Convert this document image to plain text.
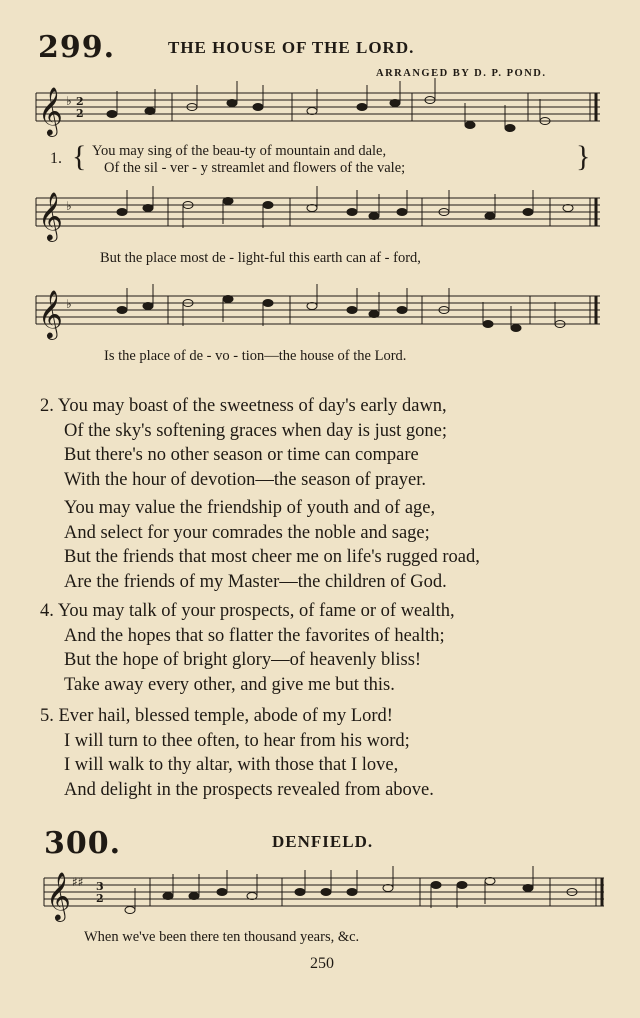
299.	THE HOUSE OF THE LORD.
ARRANGED BY D. P. POND.
𝄞 ♭ 2
2
1. { You may sing of the beau-ty of mountain and dale,
Of the sil - ver - y streamlet and flowers of the vale;	}
𝄞 ♭
But the place most de - light-ful this earth can af - ford,
𝄞 ♭
Is the place of de - vo - tion—the house of the Lord.
2. You may boast of the sweetness of day's early dawn,
Of the sky's softening graces when day is just gone;
But there's no other season or time can compare
With the hour of devotion—the season of prayer.
You may value the friendship of youth and of age,
And select for your comrades the noble and sage;
But the friends that most cheer me on life's rugged road,
Are the friends of my Master—the children of God.
4. You may talk of your prospects, of fame or of wealth,
And the hopes that so flatter the favorites of health;
But the hope of bright glory—of heavenly bliss!
Take away every other, and give me but this.
5. Ever hail, blessed temple, abode of my Lord!
I will turn to thee often, to hear from his word;
I will walk to thy altar, with those that I love,
And delight in the prospects revealed from above.
300.	DENFIELD.
𝄞 ♯♯ 3
2
When we've been there ten thousand years, &c.
250
